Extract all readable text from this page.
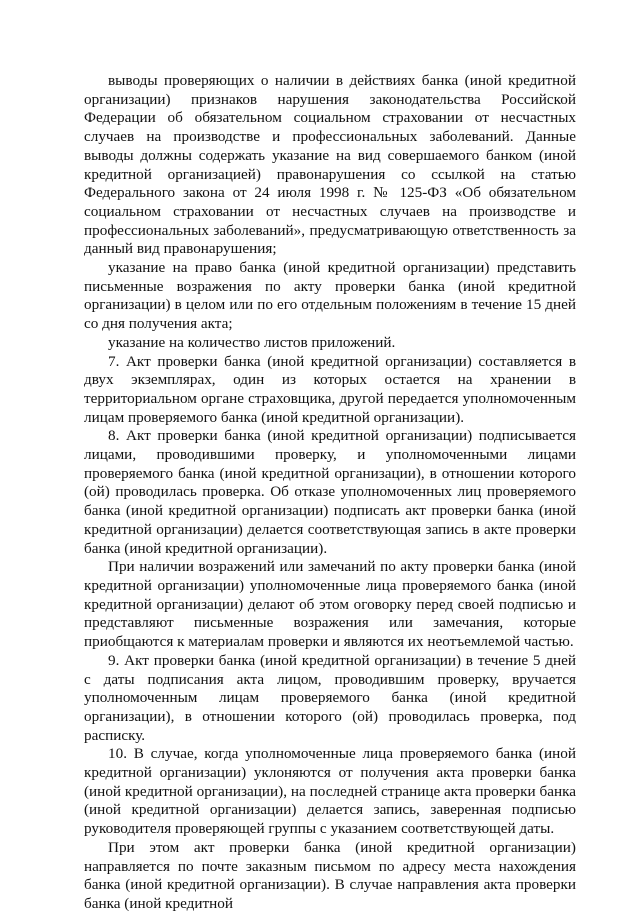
выводы проверяющих о наличии в действиях банка (иной кредитной организации) признаков нарушения законодательства Российской Федерации об обязательном социальном страховании от несчастных случаев на производстве и профессиональных заболеваний. Данные выводы должны содержать указание на вид совершаемого банком (иной кредитной организацией) правонарушения со ссылкой на статью Федерального закона от 24 июля 1998 г. № 125-ФЗ «Об обязательном социальном страховании от несчастных случаев на производстве и профессиональных заболеваний», предусматривающую ответственность за данный вид правонарушения;

указание на право банка (иной кредитной организации) представить письменные возражения по акту проверки банка (иной кредитной организации) в целом или по его отдельным положениям в течение 15 дней со дня получения акта;

указание на количество листов приложений.

7. Акт проверки банка (иной кредитной организации) составляется в двух экземплярах, один из которых остается на хранении в территориальном органе страховщика, другой передается уполномоченным лицам проверяемого банка (иной кредитной организации).

8. Акт проверки банка (иной кредитной организации) подписывается лицами, проводившими проверку, и уполномоченными лицами проверяемого банка (иной кредитной организации), в отношении которого (ой) проводилась проверка. Об отказе уполномоченных лиц проверяемого банка (иной кредитной организации) подписать акт проверки банка (иной кредитной организации) делается соответствующая запись в акте проверки банка (иной кредитной организации).

При наличии возражений или замечаний по акту проверки банка (иной кредитной организации) уполномоченные лица проверяемого банка (иной кредитной организации) делают об этом оговорку перед своей подписью и представляют письменные возражения или замечания, которые приобщаются к материалам проверки и являются их неотъемлемой частью.

9. Акт проверки банка (иной кредитной организации) в течение 5 дней с даты подписания акта лицом, проводившим проверку, вручается уполномоченным лицам проверяемого банка (иной кредитной организации), в отношении которого (ой) проводилась проверка, под расписку.

10. В случае, когда уполномоченные лица проверяемого банка (иной кредитной организации) уклоняются от получения акта проверки банка (иной кредитной организации), на последней странице акта проверки банка (иной кредитной организации) делается запись, заверенная подписью руководителя проверяющей группы с указанием соответствующей даты.

При этом акт проверки банка (иной кредитной организации) направляется по почте заказным письмом по адресу места нахождения банка (иной кредитной организации). В случае направления акта проверки банка (иной кредитной
